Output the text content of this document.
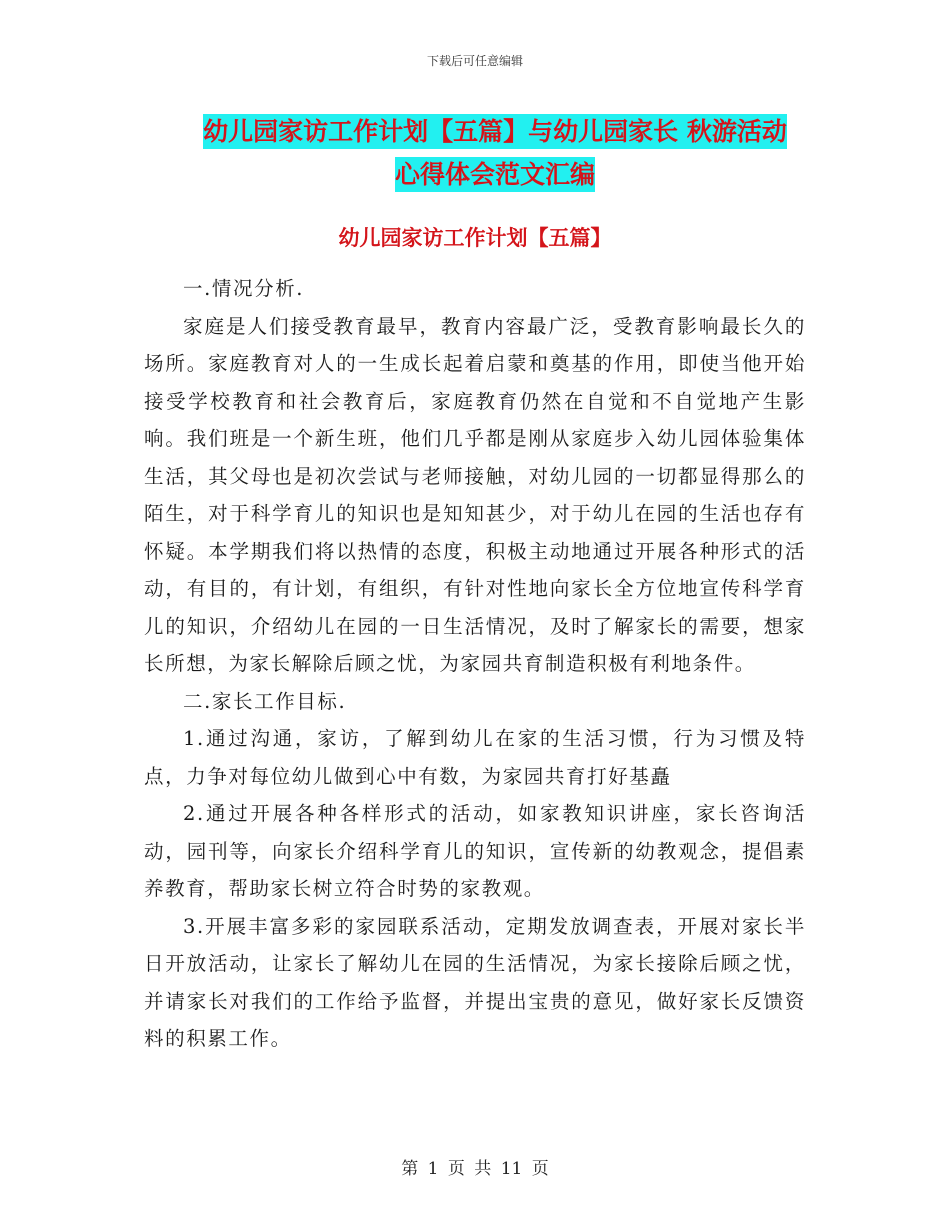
下载后可任意编辑
幼儿园家访工作计划【五篇】与幼儿园家长 秋游活动
心得体会范文汇编
幼儿园家访工作计划【五篇】

一.情况分析.

家庭是人们接受教育最早，教育内容最广泛，受教育影响最长久的场所。家庭教育对人的一生成长起着启蒙和奠基的作用，即使当他开始接受学校教育和社会教育后，家庭教育仍然在自觉和不自觉地产生影响。我们班是一个新生班，他们几乎都是刚从家庭步入幼儿园体验集体生活，其父母也是初次尝试与老师接触，对幼儿园的一切都显得那么的陌生，对于科学育儿的知识也是知知甚少，对于幼儿在园的生活也存有怀疑。本学期我们将以热情的态度，积极主动地通过开展各种形式的活动，有目的，有计划，有组织，有针对性地向家长全方位地宣传科学育儿的知识，介绍幼儿在园的一日生活情况，及时了解家长的需要，想家长所想，为家长解除后顾之忧，为家园共育制造积极有利地条件。

二.家长工作目标.

1.通过沟通，家访，了解到幼儿在家的生活习惯，行为习惯及特点，力争对每位幼儿做到心中有数，为家园共育打好基矗

2.通过开展各种各样形式的活动，如家教知识讲座，家长咨询活动，园刊等，向家长介绍科学育儿的知识，宣传新的幼教观念，提倡素养教育，帮助家长树立符合时势的家教观。

3.开展丰富多彩的家园联系活动，定期发放调查表，开展对家长半日开放活动，让家长了解幼儿在园的生活情况，为家长接除后顾之忧，并请家长对我们的工作给予监督，并提出宝贵的意见，做好家长反馈资料的积累工作。

第 1 页 共 11 页
